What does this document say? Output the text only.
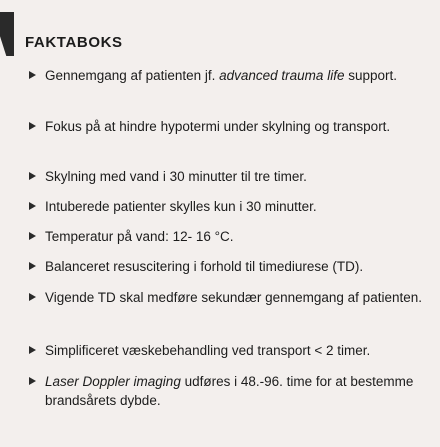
FAKTABOKS
Gennemgang af patienten jf. advanced trauma life support.
Fokus på at hindre hypotermi under skylning og transport.
Skylning med vand i 30 minutter til tre timer.
Intuberede patienter skylles kun i 30 minutter.
Temperatur på vand: 12- 16 °C.
Balanceret resuscitering i forhold til timediurese (TD).
Vigende TD skal medføre sekundær gennemgang af patienten.
Simplificeret væskebehandling ved transport < 2 timer.
Laser Doppler imaging udføres i 48.-96. time for at bestemme brandsårets dybde.
